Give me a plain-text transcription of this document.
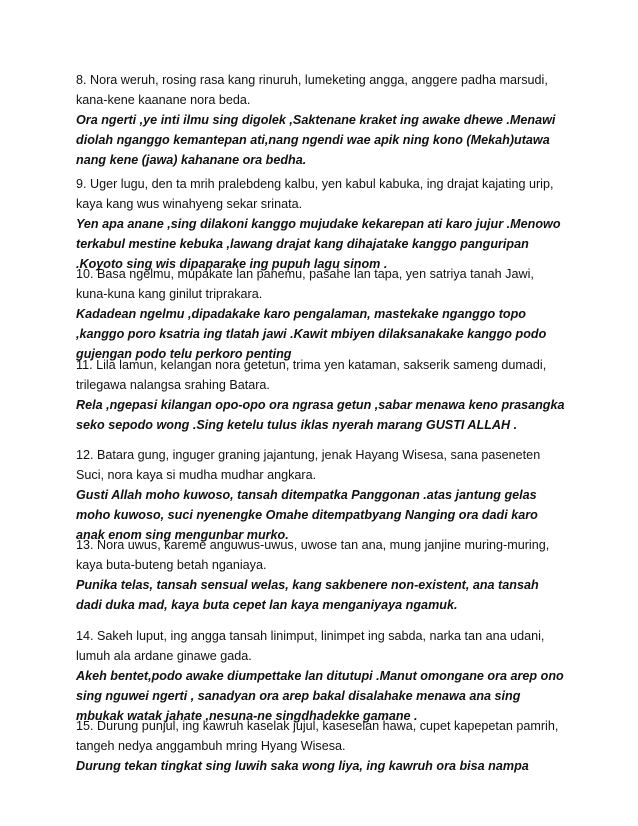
8. Nora weruh, rosing rasa kang rinuruh, lumeketing angga, anggere padha marsudi,
kana-kene kaanane nora beda.

Ora ngerti ,ye inti ilmu sing digolek ,Saktenane kraket ing awake dhewe .Menawi
diolah nganggo kemantepan ati,nang ngendi wae apik ning kono (Mekah)utawa
nang kene (jawa) kahanane ora bedha.

9. Uger lugu, den ta mrih pralebdeng kalbu, yen kabul kabuka, ing drajat kajating urip,
kaya kang wus winahyeng sekar srinata.

Yen apa anane ,sing dilakoni kanggo mujudake kekarepan ati karo jujur .Menowo
terkabul mestine kebuka ,lawang drajat kang dihajatake kanggo panguripan
.Koyoto sing wis dipaparake ing pupuh lagu sinom .

10. Basa ngelmu, mupakate lan panemu, pasahe lan tapa, yen satriya tanah Jawi,
kuna-kuna kang ginilut triprakara.

Kadadean ngelmu ,dipadakake karo pengalaman, mastekake nganggo topo
,kanggo poro ksatria ing tlatah jawi .Kawit mbiyen dilaksanakake kanggo podo
gujengan podo telu perkoro penting

11. Lila lamun, kelangan nora getetun, trima yen kataman, sakserik sameng dumadi,
trilegawa nalangsa srahing Batara.

Rela ,ngepasi kilangan opo-opo ora ngrasa getun ,sabar menawa keno prasangka
seko sepodo wong .Sing ketelu tulus iklas nyerah marang GUSTI ALLAH .

12. Batara gung, inguger graning jajantung, jenak Hayang Wisesa, sana paseneten
Suci, nora kaya si mudha mudhar angkara.

Gusti Allah moho kuwoso, tansah ditempatka Panggonan .atas jantung gelas
moho kuwoso, suci nyenengke Omahe ditempatbyang Nanging ora dadi karo
anak enom sing mengunbar murko.

13. Nora uwus, kareme anguwus-uwus, uwose tan ana, mung janjine muring-muring,
kaya buta-buteng betah nganiaya.

Punika telas, tansah sensual welas, kang sakbenere non-existent, ana tansah
dadi duka mad, kaya buta cepet lan kaya menganiyaya ngamuk.

14. Sakeh luput, ing angga tansah linimput, linimpet ing sabda, narka tan ana udani,
lumuh ala ardane ginawe gada.

Akeh bentet,podo awake diumpettake lan ditutupi .Manut omongane ora arep ono
sing nguwei ngerti , sanadyan ora arep bakal disalahake menawa ana sing
mbukak watak jahate ,nesuna-ne singdhadekke gamane .

15. Durung punjul, ing kawruh kaselak jujul, kaseselan hawa, cupet kapepetan pamrih,
tangeh nedya anggambuh mring Hyang Wisesa.

Durung tekan tingkat sing luwih saka wong liya, ing kawruh ora bisa nampa
